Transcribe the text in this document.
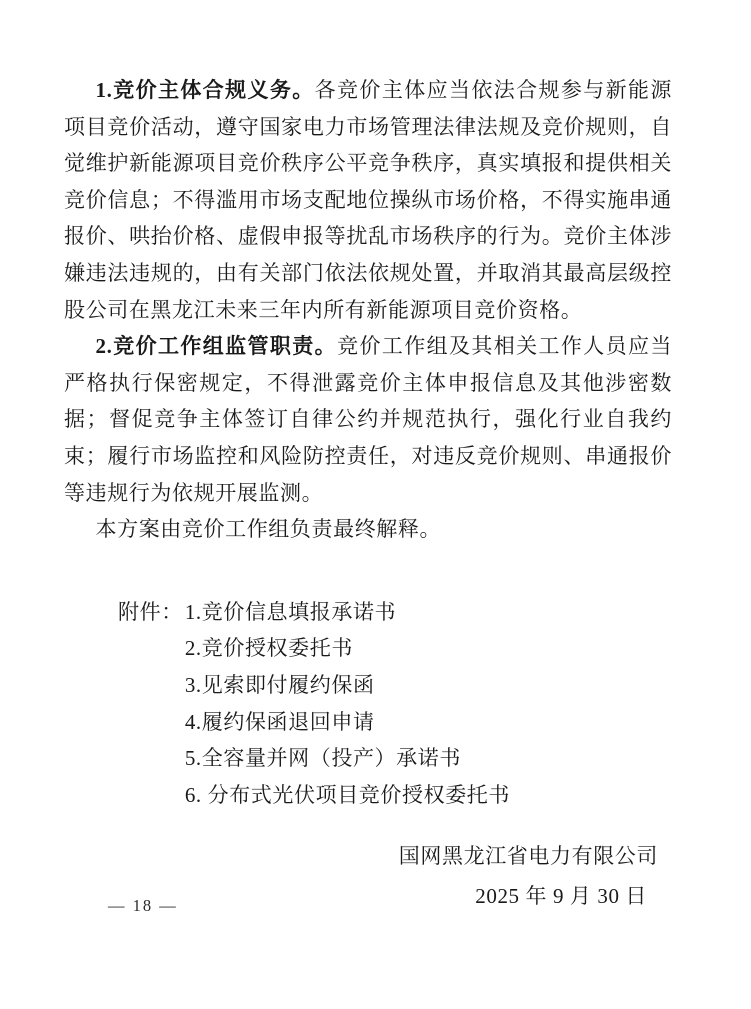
1.竞价主体合规义务。各竞价主体应当依法合规参与新能源项目竞价活动，遵守国家电力市场管理法律法规及竞价规则，自觉维护新能源项目竞价秩序公平竞争秩序，真实填报和提供相关竞价信息；不得滥用市场支配地位操纵市场价格，不得实施串通报价、哄抬价格、虚假申报等扰乱市场秩序的行为。竞价主体涉嫌违法违规的，由有关部门依法依规处置，并取消其最高层级控股公司在黑龙江未来三年内所有新能源项目竞价资格。

2.竞价工作组监管职责。竞价工作组及其相关工作人员应当严格执行保密规定，不得泄露竞价主体申报信息及其他涉密数据；督促竞争主体签订自律公约并规范执行，强化行业自我约束；履行市场监控和风险防控责任，对违反竞价规则、串通报价等违规行为依规开展监测。

本方案由竞价工作组负责最终解释。

附件： 1.竞价信息填报承诺书
2.竞价授权委托书
3.见索即付履约保函
4.履约保函退回申请
5.全容量并网（投产）承诺书
6. 分布式光伏项目竞价授权委托书
国网黑龙江省电力有限公司
2025 年 9 月 30 日
— 18 —
